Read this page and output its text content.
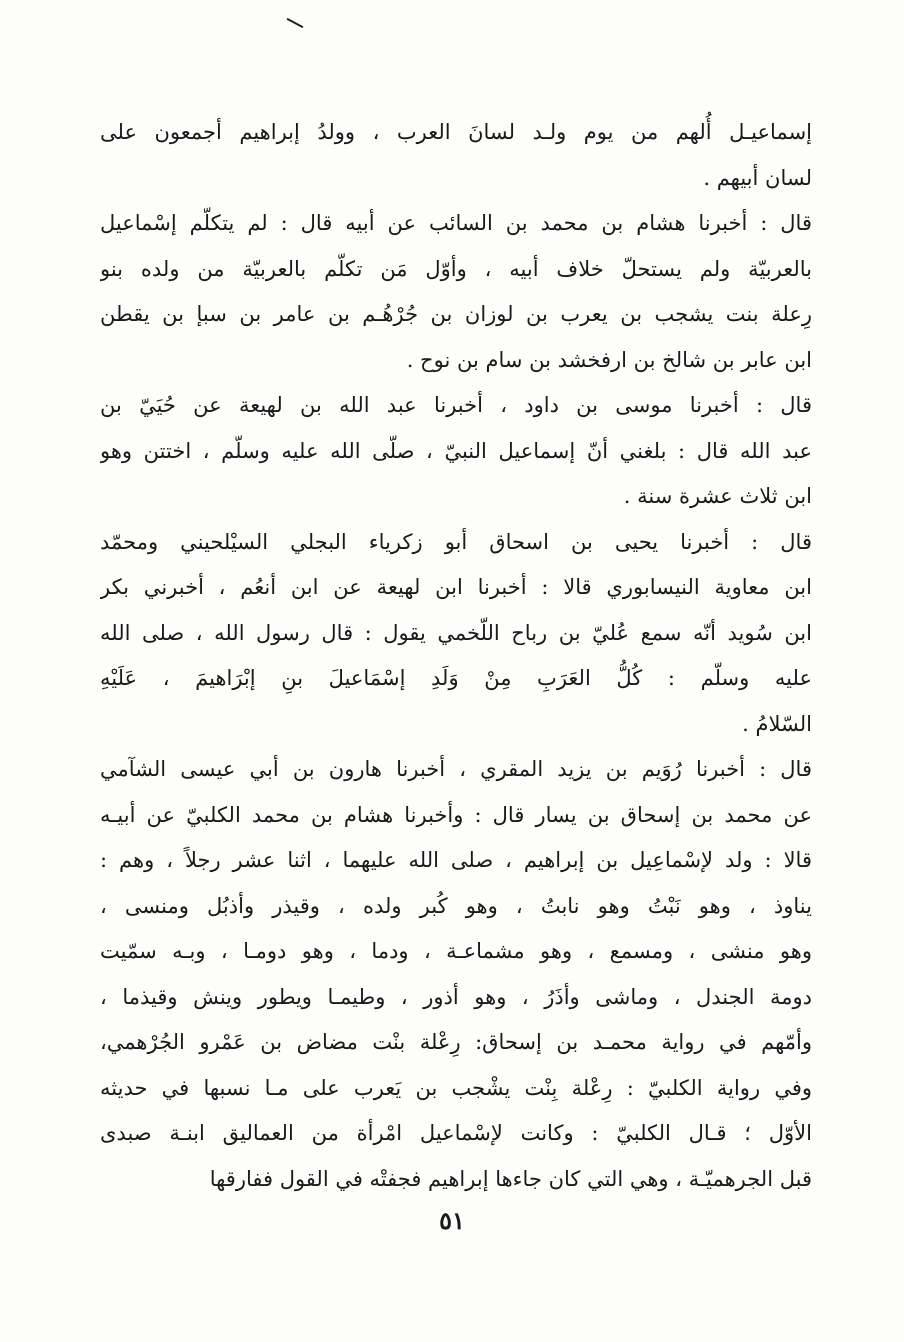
إسماعيـل أُلهم من يوم ولـد لسانَ العرب ، وولدُ إبراهيم أجمعون على
لسان أبيهم .
قال : أخبرنا هشام بن محمد بن السائب عن أبيه قال : لم يتكلّم إسْماعيل
بالعربيّة ولم يستحلّ خلاف أبيه ، وأوّل مَن تكلّم بالعربيّة من ولده بنو
رِعلة بنت يشجب بن يعرب بن لوزان بن جُرْهُـم بن عامر بن سبإ بن يقطن
ابن عابر بن شالخ بن ارفخشد بن سام بن نوح .
قال : أخبرنا موسى بن داود ، أخبرنا عبد الله بن لهيعة عن حُيَيّ بن
عبد الله قال : بلغني أنّ إسماعيل النبيّ ، صلّى الله عليه وسلّم ، اختتن وهو
ابن ثلاث عشرة سنة .
قال : أخبرنا يحيى بن اسحاق أبو زكرياء البجلي السيْلحيني ومحمّد
ابن معاوية النيسابوري قالا : أخبرنا ابن لهيعة عن ابن أنعُم ، أخبرني بكر
ابن سُويد أنّه سمع عُليّ بن رباح اللّخمي يقول : قال رسول الله ، صلى الله
عليه وسلّم : كُلُّ العَرَبِ مِنْ وَلَدِ إسْمَاعيلَ بنِ إبْرَاهيمَ ، عَلَيْهِ
السّلامُ .
قال : أخبرنا رُوَيم بن يزيد المقري ، أخبرنا هارون بن أبي عيسى الشآمي
عن محمد بن إسحاق بن يسار قال : وأخبرنا هشام بن محمد الكلبيّ عن أبيـه
قالا : ولد لإسْماعِيل بن إبراهيم ، صلى الله عليهما ، اثنا عشر رجلاً ، وهم :
يناوذ ، وهو نَبْتُ وهو نابتُ ، وهو كُبر ولده ، وقيذر وأذبُل ومنسى ،
وهو منشى ، ومسمع ، وهو مشماعـة ، ودما ، وهو دومـا ، وبـه سمّيت
دومة الجندل ، وماشى وأذَرُ ، وهو أذور ، وطيمـا ويطور وينش وقيذما ،
وأمّهم في رواية محمـد بن إسحاق: رِعْلة بنْت مضاض بن عَمْرو الجُرْهمي،
وفي رواية الكلبيّ : رِعْلة بِنْت يشْجب بن يَعرب على مـا نسبها في حديثه
الأوّل ؛ قـال الكلبيّ : وكانت لإسْماعيل امْرأة من العماليق ابنـة صبدى
قبل الجرهميّـة ، وهي التي كان جاءها إبراهيم فجفتْه في القول ففارقها
٥١
